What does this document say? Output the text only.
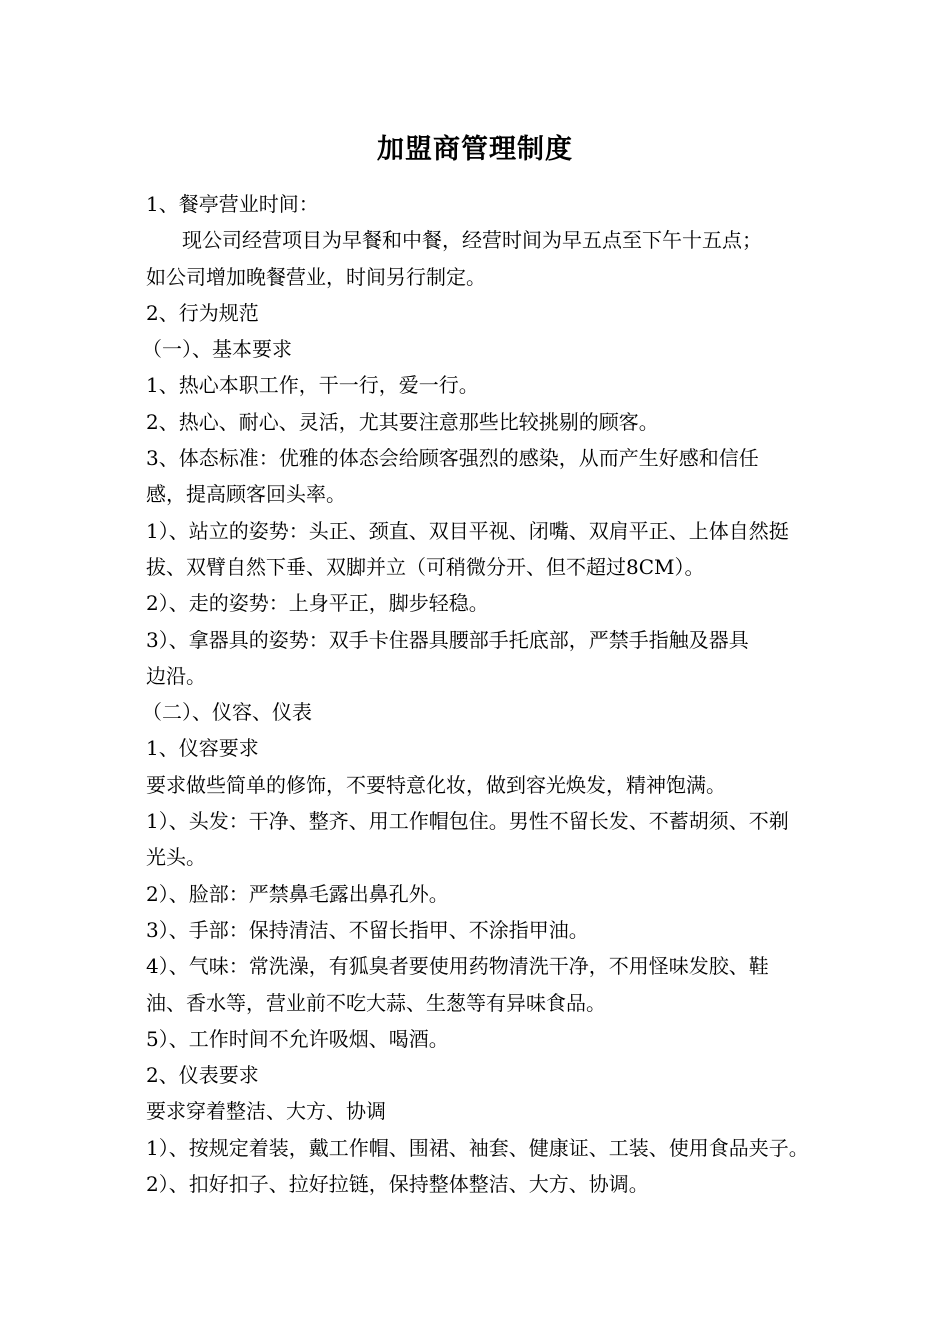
加盟商管理制度
1、餐亭营业时间：
现公司经营项目为早餐和中餐，经营时间为早五点至下午十五点；
如公司增加晚餐营业，时间另行制定。
2、行为规范
（一）、基本要求
1、热心本职工作，干一行，爱一行。
2、热心、耐心、灵活，尤其要注意那些比较挑剔的顾客。
3、体态标准：优雅的体态会给顾客强烈的感染，从而产生好感和信任
感，提高顾客回头率。
1）、站立的姿势：头正、颈直、双目平视、闭嘴、双肩平正、上体自然挺
拔、双臂自然下垂、双脚并立（可稍微分开、但不超过8CM）。
2）、走的姿势：上身平正，脚步轻稳。
3）、拿器具的姿势：双手卡住器具腰部手托底部，严禁手指触及器具
边沿。
（二）、仪容、仪表
1、仪容要求
要求做些简单的修饰，不要特意化妆，做到容光焕发，精神饱满。
1）、头发：干净、整齐、用工作帽包住。男性不留长发、不蓄胡须、不剃
光头。
2）、脸部：严禁鼻毛露出鼻孔外。
3）、手部：保持清洁、不留长指甲、不涂指甲油。
4）、气味：常洗澡，有狐臭者要使用药物清洗干净，不用怪味发胶、鞋
油、香水等，营业前不吃大蒜、生葱等有异味食品。
5）、工作时间不允许吸烟、喝酒。
2、仪表要求
要求穿着整洁、大方、协调
1）、按规定着装，戴工作帽、围裙、袖套、健康证、工装、使用食品夹子。
2）、扣好扣子、拉好拉链，保持整体整洁、大方、协调。
